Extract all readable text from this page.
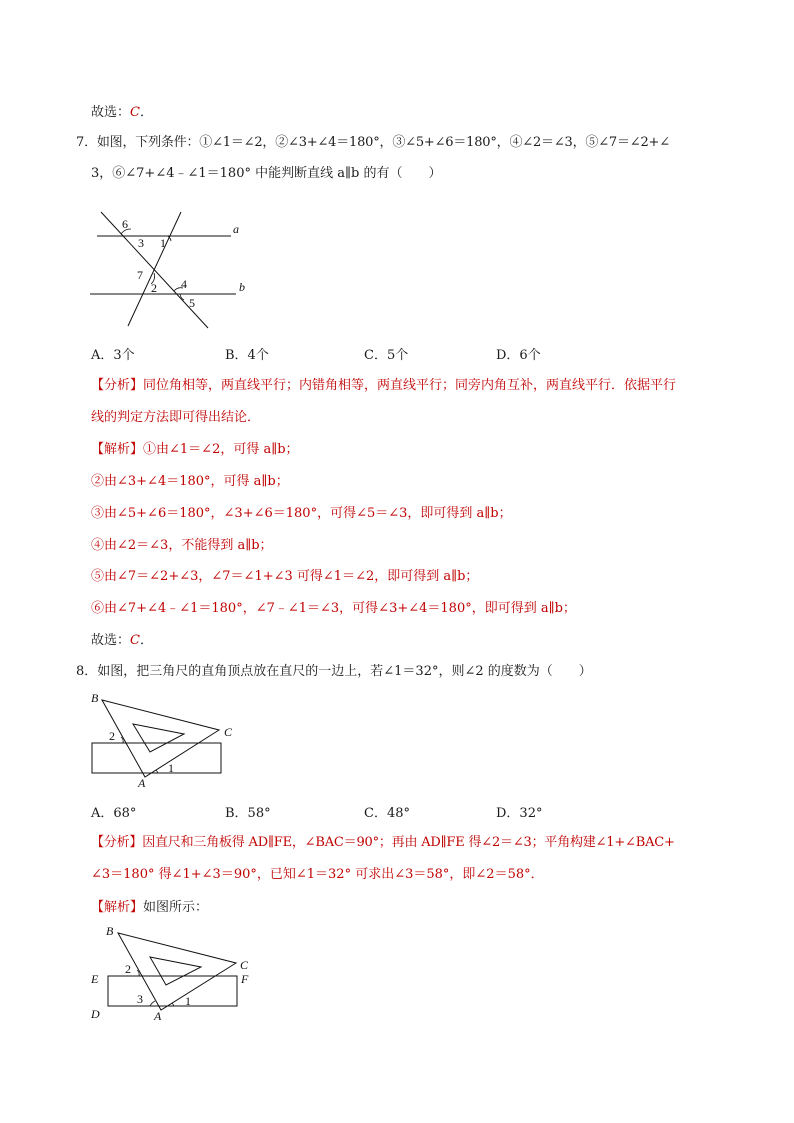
故选：C．
7．如图，下列条件：①∠1＝∠2，②∠3+∠4＝180°，③∠5+∠6＝180°，④∠2＝∠3，⑤∠7＝∠2+∠
3，⑥∠7+∠4﹣∠1＝180° 中能判断直线 a∥b 的有（　　）
6
3 1
a
7
4
2
5
b
A．3个	B．4个	C．5个	D．6个
【分析】同位角相等，两直线平行；内错角相等，两直线平行；同旁内角互补，两直线平行．依据平行
线的判定方法即可得出结论．
【解析】①由∠1＝∠2，可得 a∥b；
②由∠3+∠4＝180°，可得 a∥b；
③由∠5+∠6＝180°，∠3+∠6＝180°，可得∠5＝∠3，即可得到 a∥b；
④由∠2＝∠3，不能得到 a∥b；
⑤由∠7＝∠2+∠3，∠7＝∠1+∠3 可得∠1＝∠2，即可得到 a∥b；
⑥由∠7+∠4﹣∠1＝180°，∠7﹣∠1＝∠3，可得∠3+∠4＝180°，即可得到 a∥b；
故选：C．
8．如图，把三角尺的直角顶点放在直尺的一边上，若∠1＝32°，则∠2 的度数为（　　）
B
C
2
1
A
A．68°	B．58°	C．48°	D．32°
【分析】因直尺和三角板得 AD∥FE，∠BAC＝90°；再由 AD∥FE 得∠2＝∠3；平角构建∠1+∠BAC+
∠3＝180° 得∠1+∠3＝90°，已知∠1＝32° 可求出∠3＝58°，即∠2＝58°．
【解析】如图所示：
B
C
F
E
2
3	1
D	A
